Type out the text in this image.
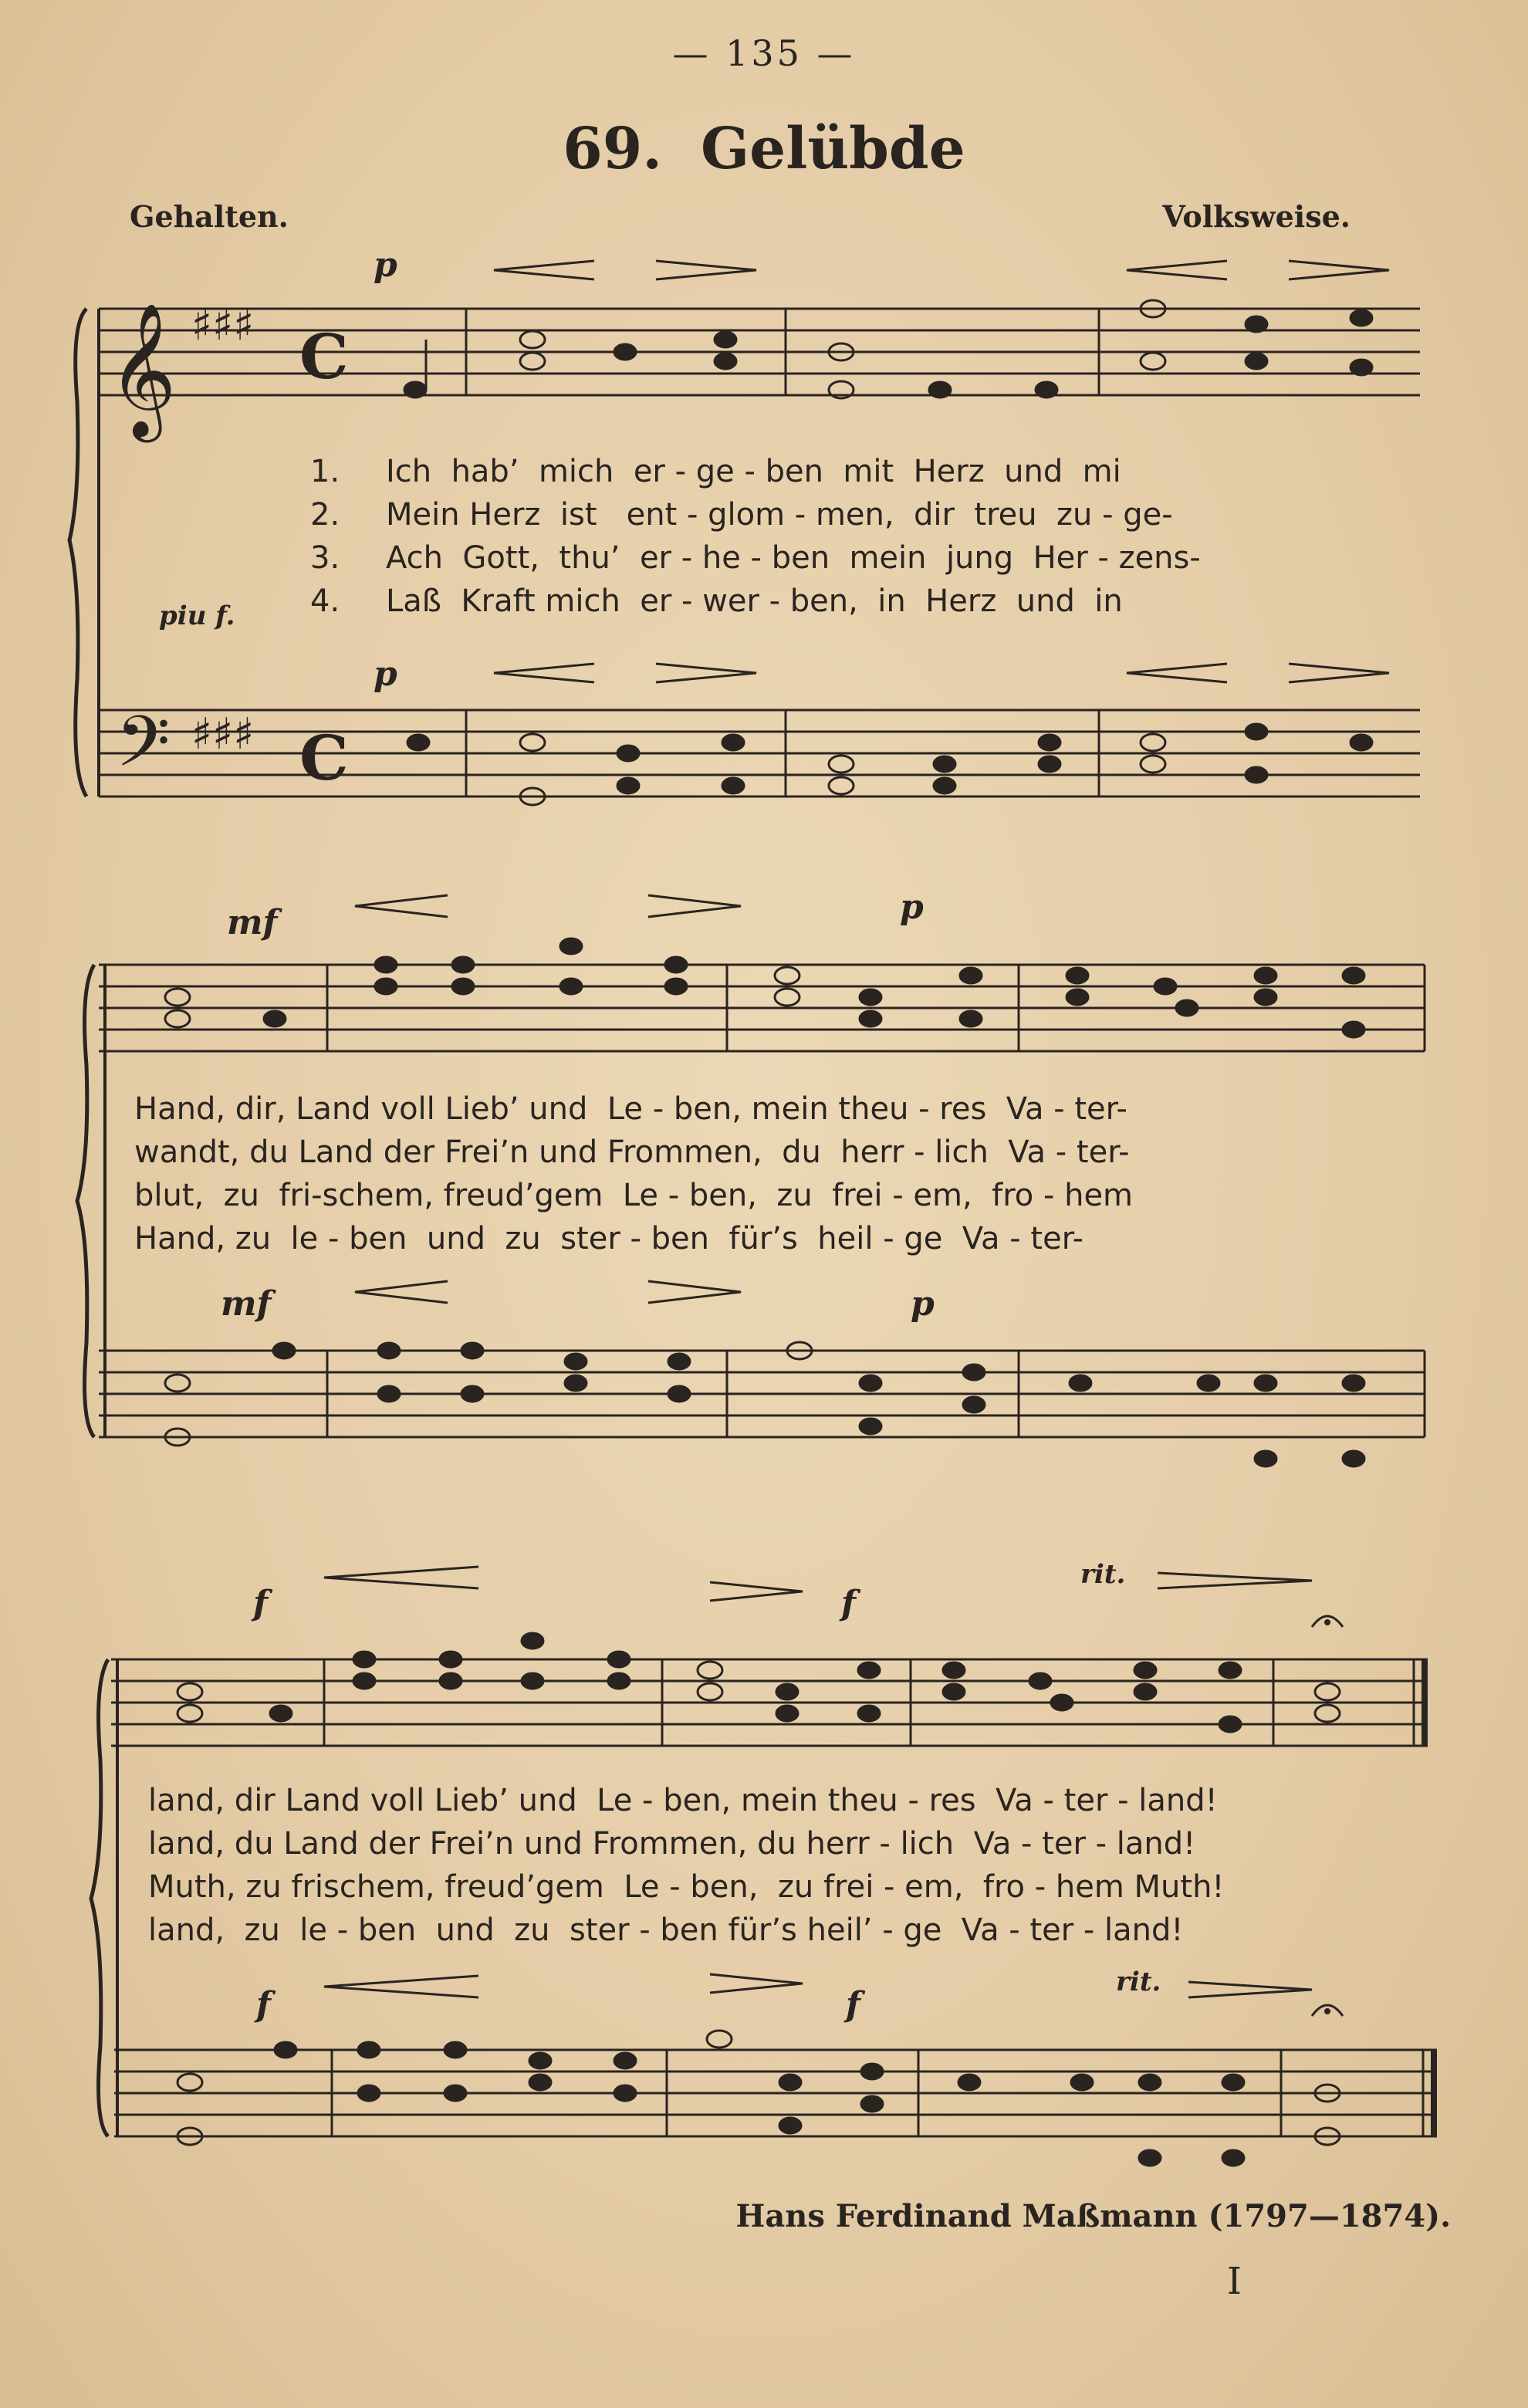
— 135 —
69. Gelübde
Gehalten.	Volksweise.
𝄞
𝄢
♯♯♯
♯♯♯
C
C
p
p
piu f.
mf	p
mf	p
f	f
rit.
f	f
rit.
1.
2.
3.
4.
Ich  hab’  mich  er - ge - ben  mit  Herz  und  mi
Mein Herz  ist   ent - glom - men,  dir  treu  zu - ge-
Ach  Gott,  thu’  er - he - ben  mein  jung  Her - zens-
Laß  Kraft mich  er - wer - ben,  in  Herz  und  in
Hand, dir, Land voll Lieb’ und  Le - ben, mein theu - res  Va - ter-
wandt, du Land der Frei’n und Frommen,  du  herr - lich  Va - ter-
blut,  zu  fri-schem, freud’gem  Le - ben,  zu  frei - em,  fro - hem
Hand, zu  le - ben  und  zu  ster - ben  für’s  heil - ge  Va - ter-
land, dir Land voll Lieb’ und  Le - ben, mein theu - res  Va - ter - land!
land, du Land der Frei’n und Frommen, du herr - lich  Va - ter - land!
Muth, zu frischem, freud’gem  Le - ben,  zu frei - em,  fro - hem Muth!
land,  zu  le - ben  und  zu  ster - ben für’s heil’ - ge  Va - ter - land!
Hans Ferdinand Maßmann (1797—1874).
I
